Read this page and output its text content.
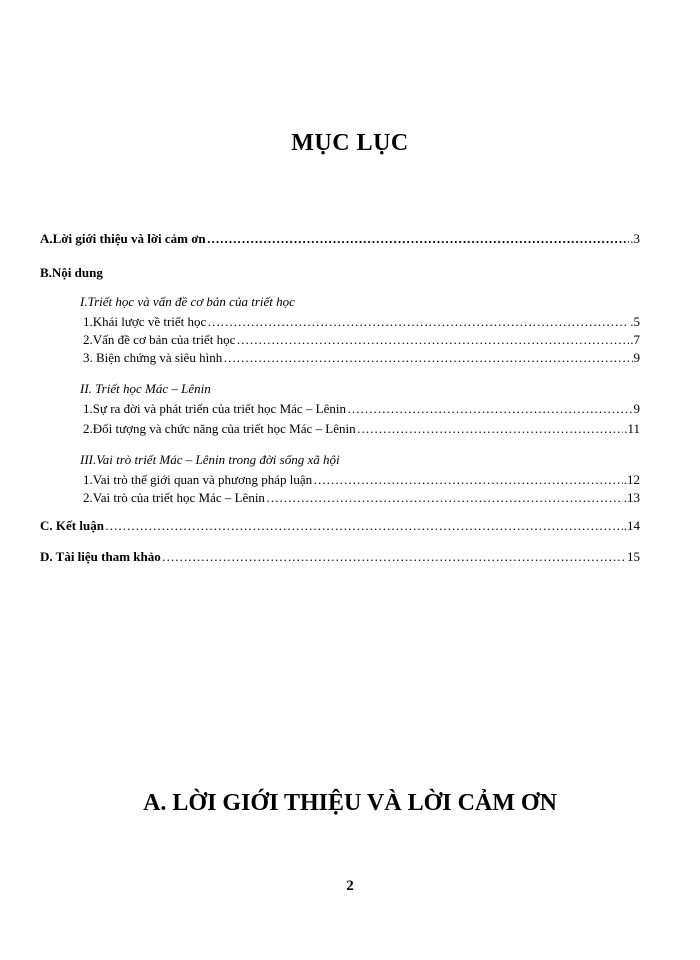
MỤC LỤC
A.Lời giới thiệu và lời cảm ơn ……………………………………………………………………………………………………………………………………………………………………………………	.3
B.Nội dung
I.Triết học và vấn đề cơ bản của triết học
1.Khái lược về triết học ……………………………………………………………………………………………………………………………………………………………………………………	.5
2.Vấn đề cơ bản của triết học ……………………………………………………………………………………………………………………………………………………………………………………	.7
3. Biện chứng và siêu hình ……………………………………………………………………………………………………………………………………………………………………………………	9
II. Triết học Mác – Lênin
1.Sự ra đời và phát triển của triết học Mác – Lênin ……………………………………………………………………………………………………………………………………………………………………………………	9
2.Đối tượng và chức năng của triết học Mác – Lênin ……………………………………………………………………………………………………………………………………………………………………………………	.11
III.Vai trò triết Mác – Lênin trong đời sống xã hội
1.Vai trò thế giới quan và phương pháp luận ……………………………………………………………………………………………………………………………………………………………………………………	.12
2.Vai trò của triết học Mác – Lênin ……………………………………………………………………………………………………………………………………………………………………………………	.13
C. Kết luận ……………………………………………………………………………………………………………………………………………………………………………………	.14
D. Tài liệu tham khảo ……………………………………………………………………………………………………………………………………………………………………………………	15
A. LỜI GIỚI THIỆU VÀ LỜI CẢM ƠN
2
